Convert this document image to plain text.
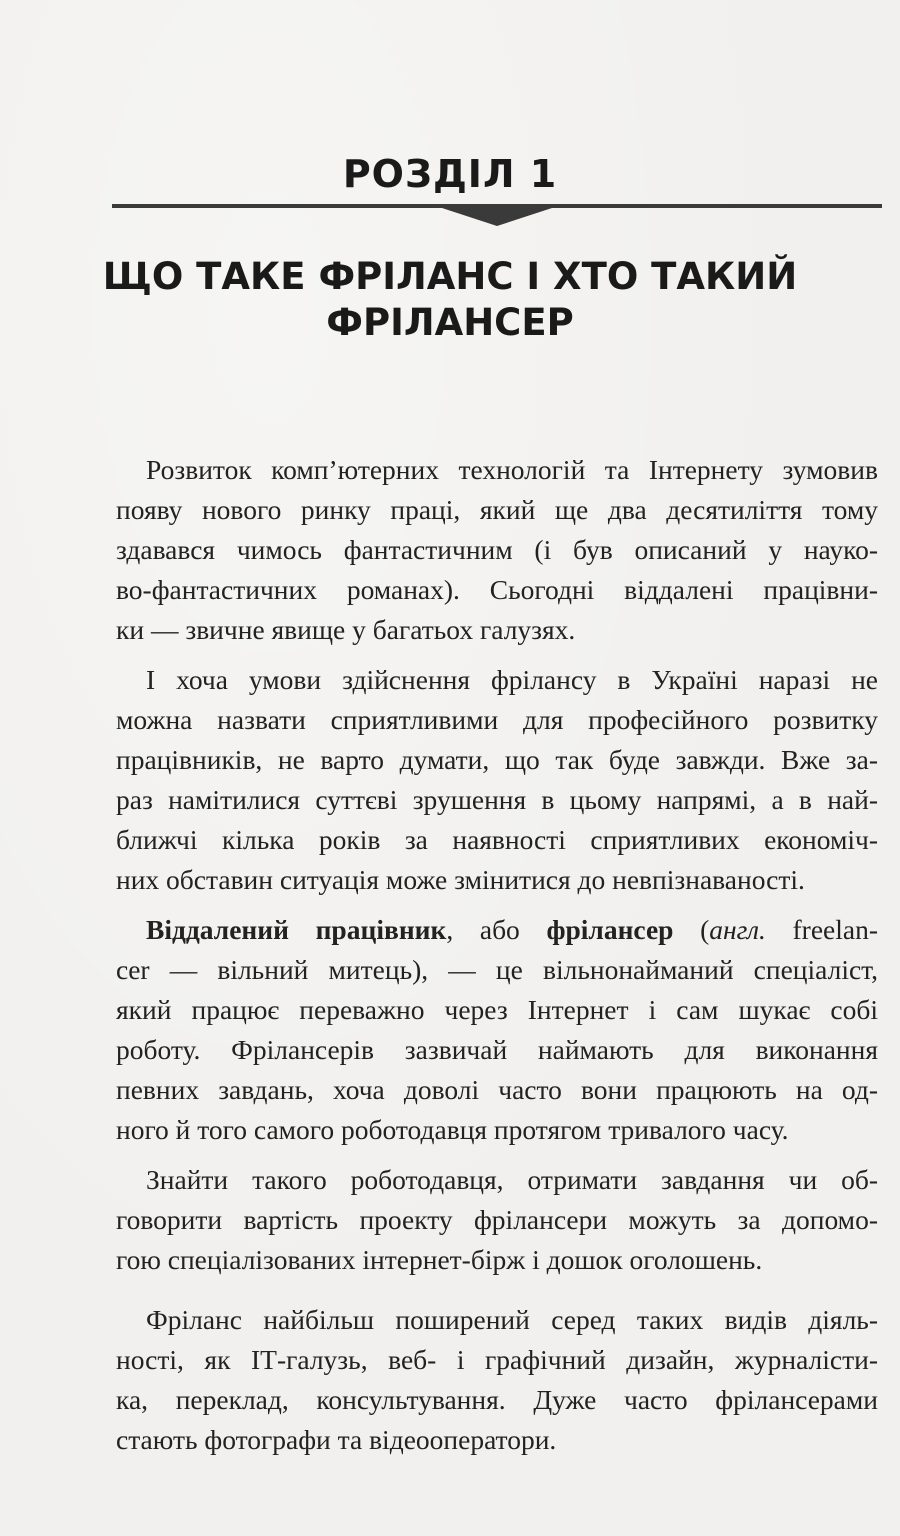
РОЗДІЛ 1
ЩО ТАКЕ ФРІЛАНС І ХТО ТАКИЙ
ФРІЛАНСЕР
Розвиток комп’ютерних технологій та Інтернету зумовив
появу нового ринку праці, який ще два десятиліття тому
здавався чимось фантастичним (і був описаний у науко-
во-фантастичних романах). Сьогодні віддалені працівни-
ки — звичне явище у багатьох галузях.
І хоча умови здійснення фрілансу в Україні наразі не
можна назвати сприятливими для професійного розвитку
працівників, не варто думати, що так буде завжди. Вже за-
раз намітилися суттєві зрушення в цьому напрямі, а в най-
ближчі кілька років за наявності сприятливих економіч-
них обставин ситуація може змінитися до невпізнаваності.
Віддалений працівник, або фрілансер (англ. freelan-
cer — вільний митець), — це вільнонайманий спеціаліст,
який працює переважно через Інтернет і сам шукає собі
роботу. Фрілансерів зазвичай наймають для виконання
певних завдань, хоча доволі часто вони працюють на од-
ного й того самого роботодавця протягом тривалого часу.
Знайти такого роботодавця, отримати завдання чи об-
говорити вартість проекту фрілансери можуть за допомо-
гою спеціалізованих інтернет-бірж і дошок оголошень.
Фріланс найбільш поширений серед таких видів діяль-
ності, як ІТ-галузь, веб- і графічний дизайн, журналісти-
ка, переклад, консультування. Дуже часто фрілансерами
стають фотографи та відеооператори.
